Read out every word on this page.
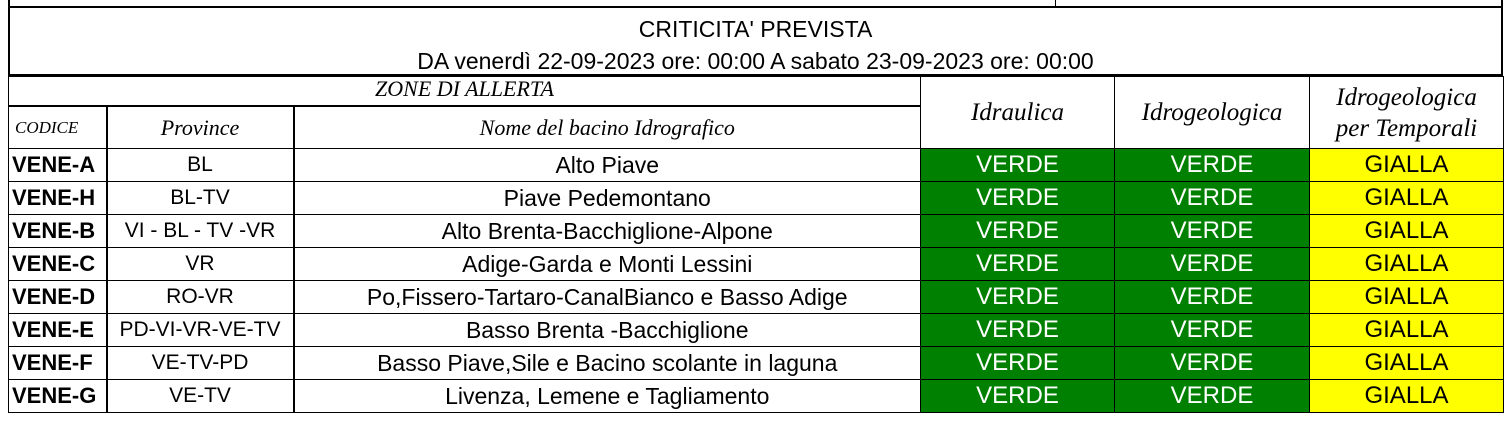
CRITICITA' PREVISTA
DA venerdì 22-09-2023 ore: 00:00 A sabato 23-09-2023 ore: 00:00
ZONE DI ALLERTA			Idraulica	Idrogeologica	Idrogeologica
per Temporali

CODICE	Province	Nome del bacino Idrografico			
VENE-A	BL	Alto Piave	VERDE	VERDE	GIALLA
VENE-H	BL-TV	Piave Pedemontano	VERDE	VERDE	GIALLA
VENE-B	VI - BL - TV -VR	Alto Brenta-Bacchiglione-Alpone	VERDE	VERDE	GIALLA
VENE-C	VR	Adige-Garda e Monti Lessini	VERDE	VERDE	GIALLA
VENE-D	RO-VR	Po,Fissero-Tartaro-CanalBianco e Basso Adige	VERDE	VERDE	GIALLA
VENE-E	PD-VI-VR-VE-TV	Basso Brenta -Bacchiglione	VERDE	VERDE	GIALLA
VENE-F	VE-TV-PD	Basso Piave,Sile e Bacino scolante in laguna	VERDE	VERDE	GIALLA
VENE-G	VE-TV	Livenza, Lemene e Tagliamento	VERDE	VERDE	GIALLA
